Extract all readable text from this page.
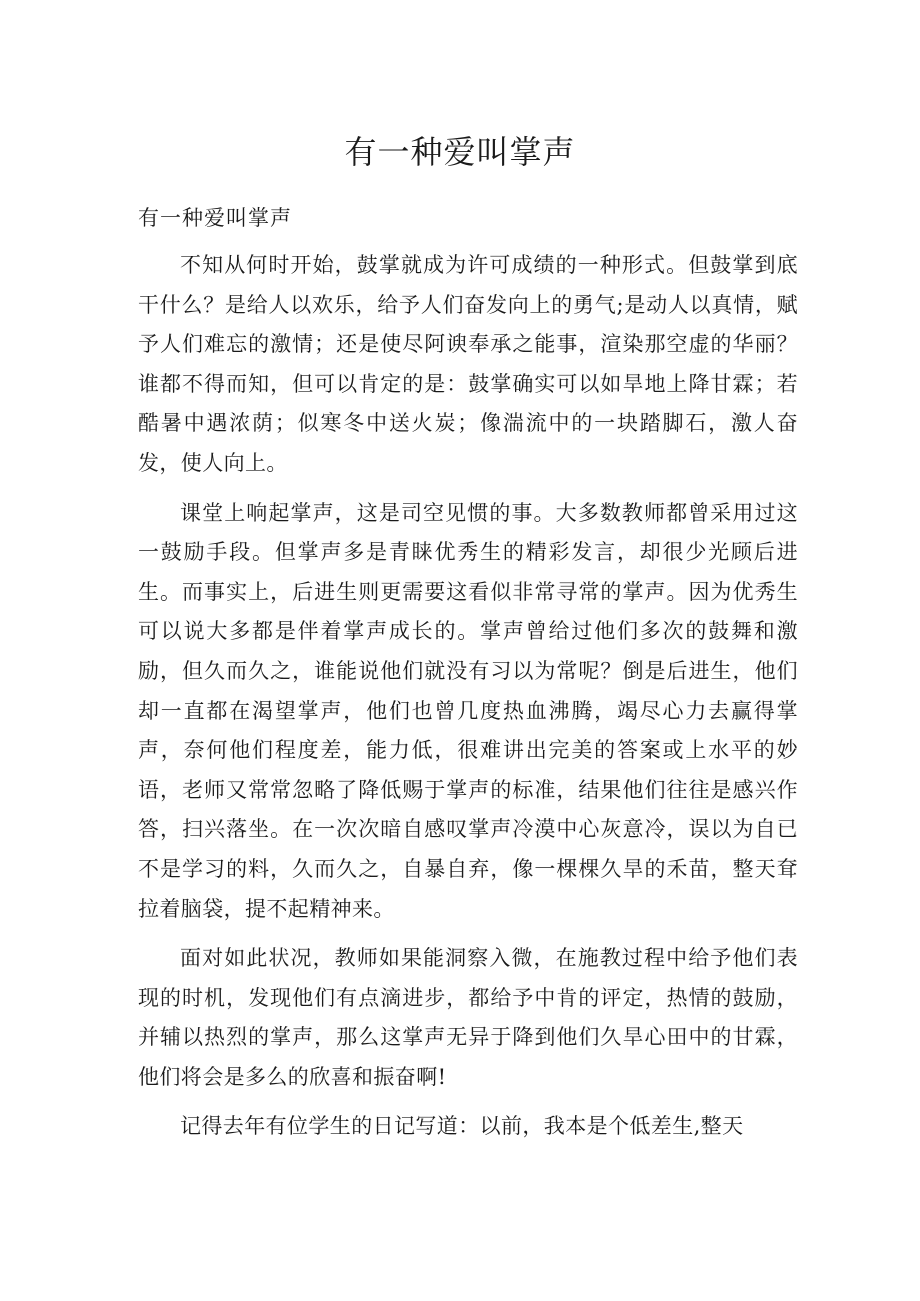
有一种爱叫掌声

有一种爱叫掌声

不知从何时开始，鼓掌就成为许可成绩的一种形式。但鼓掌到底干什么？是给人以欢乐，给予人们奋发向上的勇气;是动人以真情，赋予人们难忘的激情；还是使尽阿谀奉承之能事，渲染那空虚的华丽？谁都不得而知，但可以肯定的是：鼓掌确实可以如旱地上降甘霖；若酷暑中遇浓荫；似寒冬中送火炭；像湍流中的一块踏脚石，激人奋发，使人向上。

课堂上响起掌声，这是司空见惯的事。大多数教师都曾采用过这一鼓励手段。但掌声多是青睐优秀生的精彩发言，却很少光顾后进生。而事实上，后进生则更需要这看似非常寻常的掌声。因为优秀生可以说大多都是伴着掌声成长的。掌声曾给过他们多次的鼓舞和激励，但久而久之，谁能说他们就没有习以为常呢？倒是后进生，他们却一直都在渴望掌声，他们也曾几度热血沸腾，竭尽心力去赢得掌声，奈何他们程度差，能力低，很难讲出完美的答案或上水平的妙语，老师又常常忽略了降低赐于掌声的标准，结果他们往往是感兴作答，扫兴落坐。在一次次暗自感叹掌声冷漠中心灰意冷，误以为自已不是学习的料，久而久之，自暴自弃，像一棵棵久旱的禾苗，整天耷拉着脑袋，提不起精神来。

面对如此状况，教师如果能洞察入微，在施教过程中给予他们表现的时机，发现他们有点滴进步，都给予中肯的评定，热情的鼓励，并辅以热烈的掌声，那么这掌声无异于降到他们久旱心田中的甘霖，他们将会是多么的欣喜和振奋啊!

记得去年有位学生的日记写道：以前，我本是个低差生,整天
